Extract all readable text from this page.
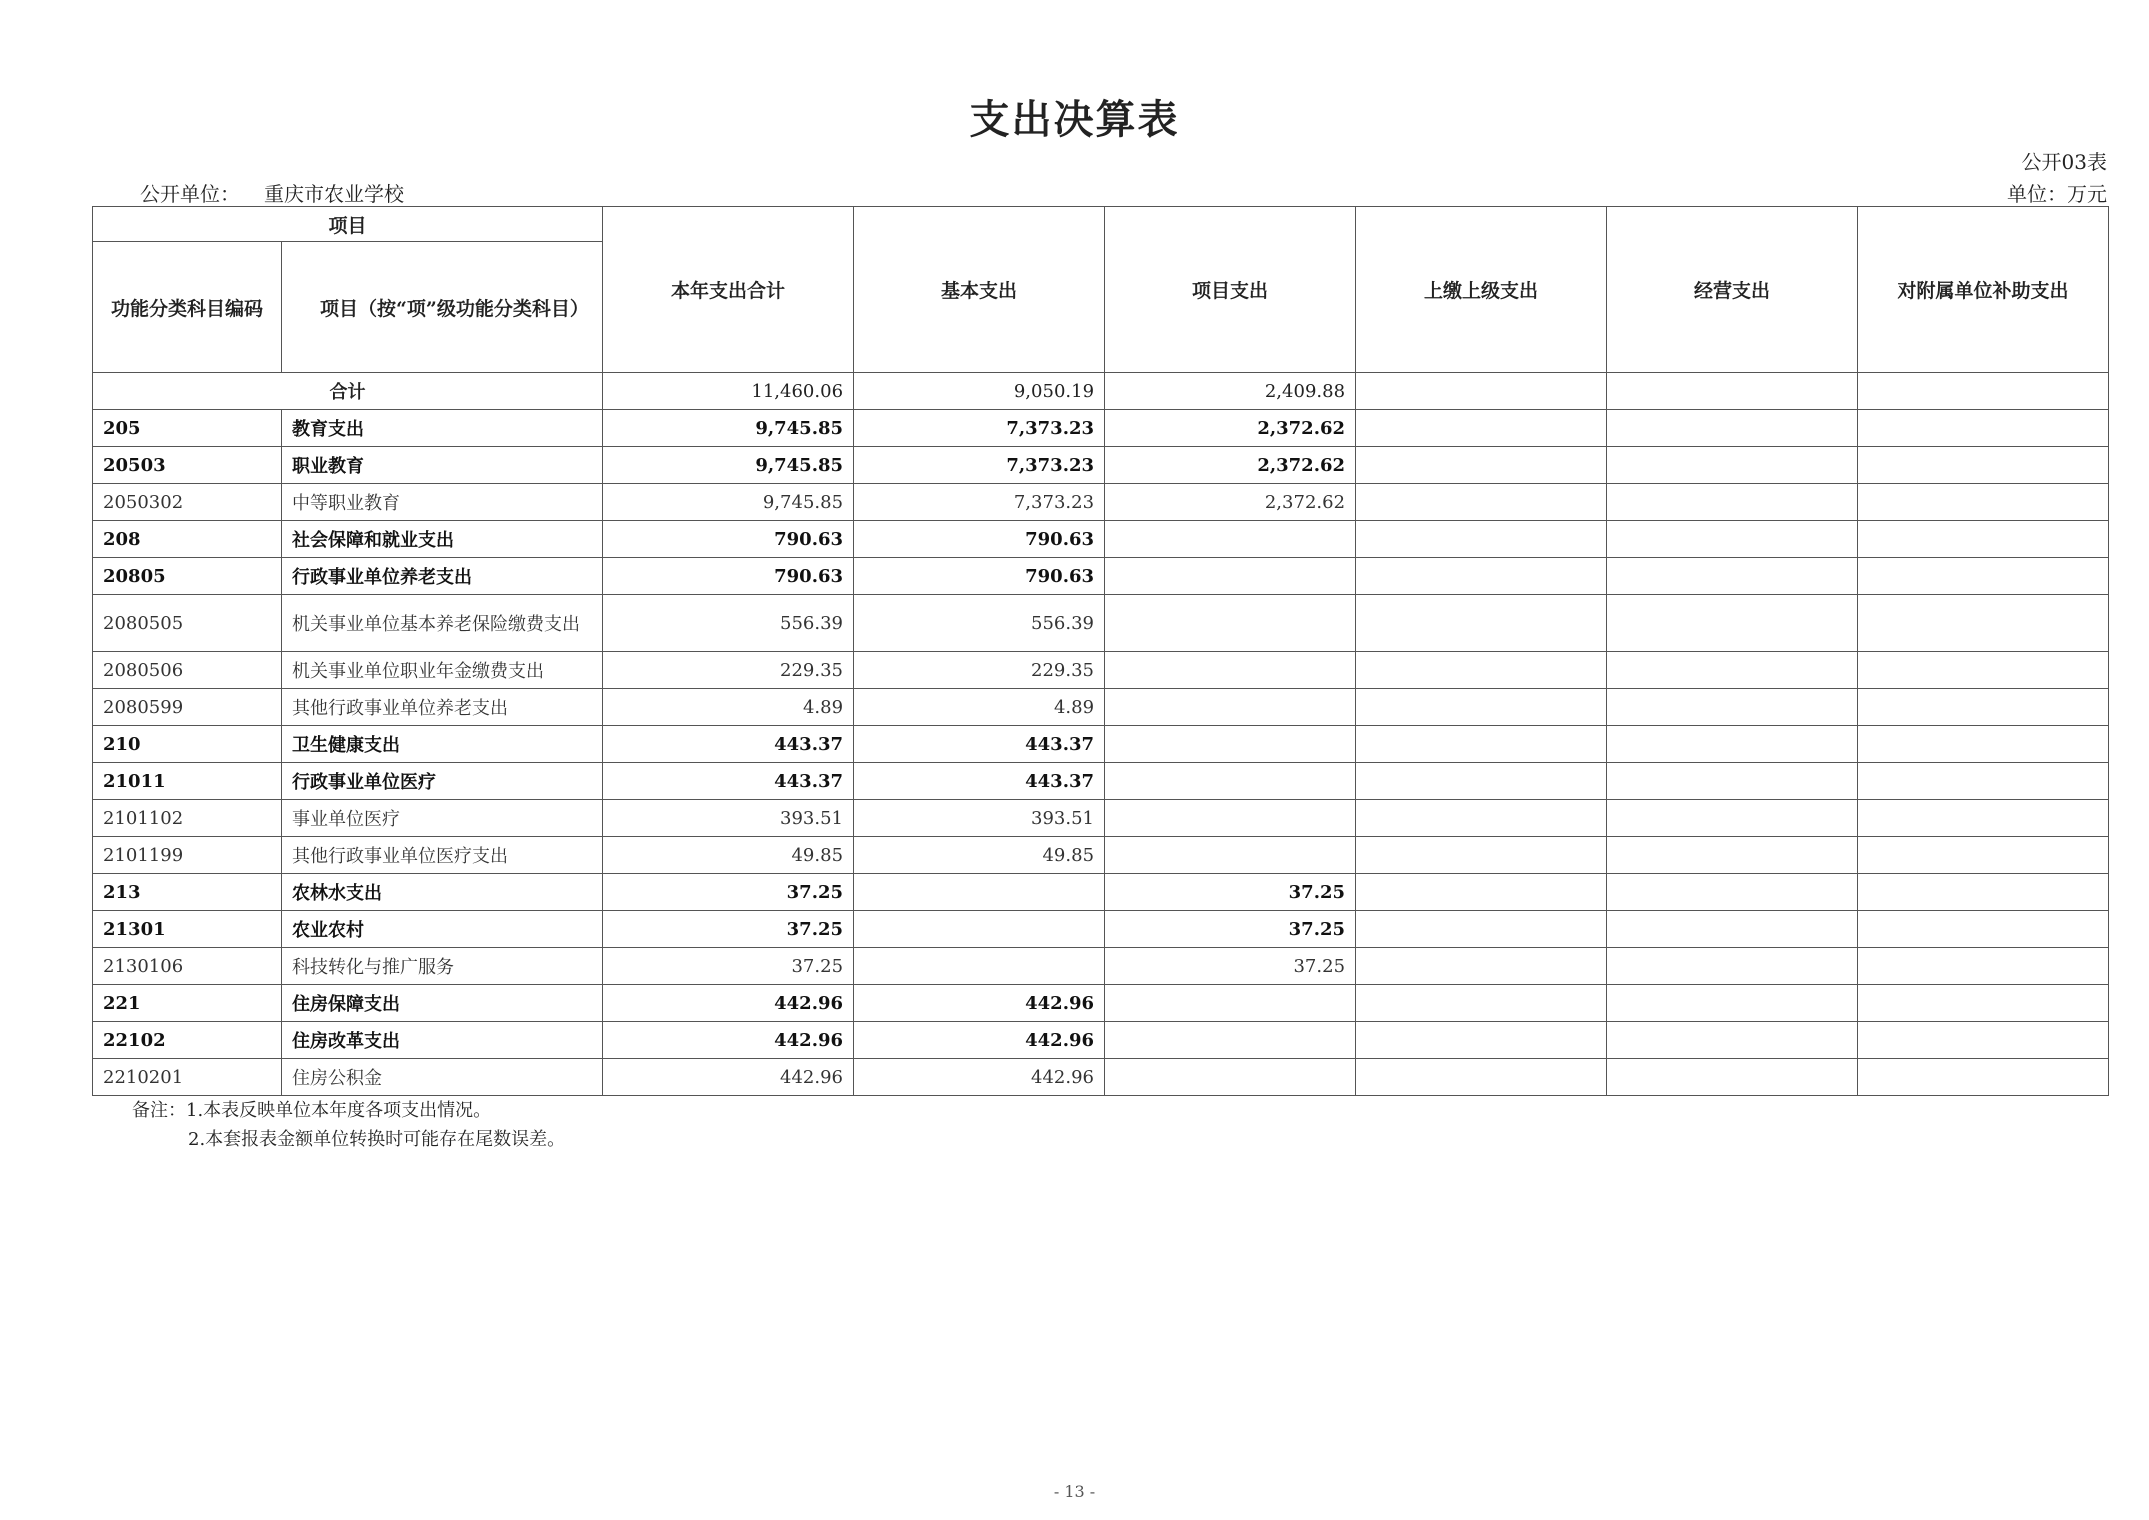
支出决算表
公开03表
公开单位： 重庆市农业学校	单位：万元
项目		本年支出合计	基本支出	项目支出	上缴上级支出	经营支出	对附属单位补助支出
功能分类科目编码	项目（按“项”级功能分类科目）						
合计		11,460.06	9,050.19	2,409.88			
205	教育支出	9,745.85	7,373.23	2,372.62			
20503	职业教育	9,745.85	7,373.23	2,372.62			
2050302	中等职业教育	9,745.85	7,373.23	2,372.62			
208	社会保障和就业支出	790.63	790.63				
20805	行政事业单位养老支出	790.63	790.63				
2080505	机关事业单位基本养老保险缴费支出	556.39	556.39				
2080506	机关事业单位职业年金缴费支出	229.35	229.35				
2080599	其他行政事业单位养老支出	4.89	4.89				
210	卫生健康支出	443.37	443.37				
21011	行政事业单位医疗	443.37	443.37				
2101102	事业单位医疗	393.51	393.51				
2101199	其他行政事业单位医疗支出	49.85	49.85				
213	农林水支出	37.25		37.25			
21301	农业农村	37.25		37.25			
2130106	科技转化与推广服务	37.25		37.25			
221	住房保障支出	442.96	442.96				
22102	住房改革支出	442.96	442.96				
2210201	住房公积金	442.96	442.96				
备注：1.本表反映单位本年度各项支出情况。
2.本套报表金额单位转换时可能存在尾数误差。
- 13 -
